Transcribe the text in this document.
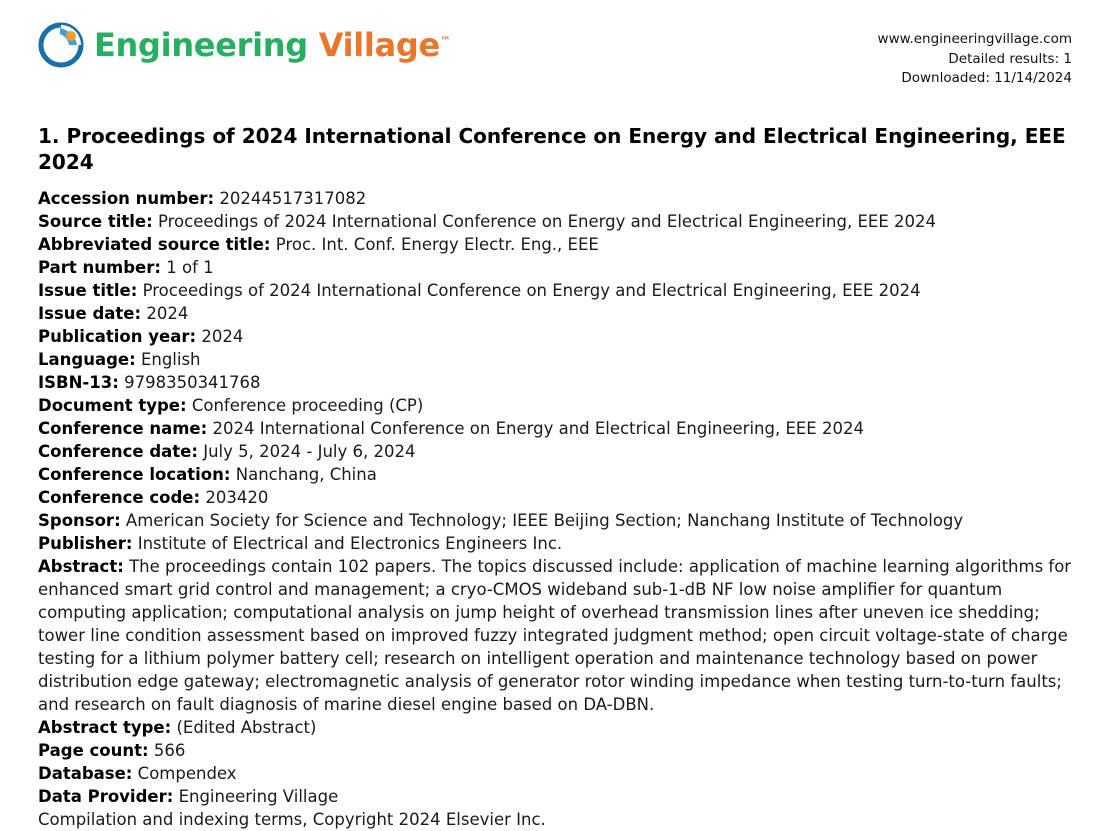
Engineering Village™	www.engineeringvillage.com
Detailed results: 1
Downloaded: 11/14/2024
1. Proceedings of 2024 International Conference on Energy and Electrical Engineering, EEE 2024

Accession number: 20244517317082

Source title: Proceedings of 2024 International Conference on Energy and Electrical Engineering, EEE 2024

Abbreviated source title: Proc. Int. Conf. Energy Electr. Eng., EEE

Part number: 1 of 1

Issue title: Proceedings of 2024 International Conference on Energy and Electrical Engineering, EEE 2024

Issue date: 2024

Publication year: 2024

Language: English

ISBN-13: 9798350341768

Document type: Conference proceeding (CP)

Conference name: 2024 International Conference on Energy and Electrical Engineering, EEE 2024

Conference date: July 5, 2024 - July 6, 2024

Conference location: Nanchang, China

Conference code: 203420

Sponsor: American Society for Science and Technology; IEEE Beijing Section; Nanchang Institute of Technology

Publisher: Institute of Electrical and Electronics Engineers Inc.

Abstract: The proceedings contain 102 papers. The topics discussed include: application of machine learning algorithms for enhanced smart grid control and management; a cryo-CMOS wideband sub-1-dB NF low noise amplifier for quantum computing application; computational analysis on jump height of overhead transmission lines after uneven ice shedding; tower line condition assessment based on improved fuzzy integrated judgment method; open circuit voltage-state of charge testing for a lithium polymer battery cell; research on intelligent operation and maintenance technology based on power distribution edge gateway; electromagnetic analysis of generator rotor winding impedance when testing turn-to-turn faults; and research on fault diagnosis of marine diesel engine based on DA-DBN.

Abstract type: (Edited Abstract)

Page count: 566

Database: Compendex

Data Provider: Engineering Village

Compilation and indexing terms, Copyright 2024 Elsevier Inc.
